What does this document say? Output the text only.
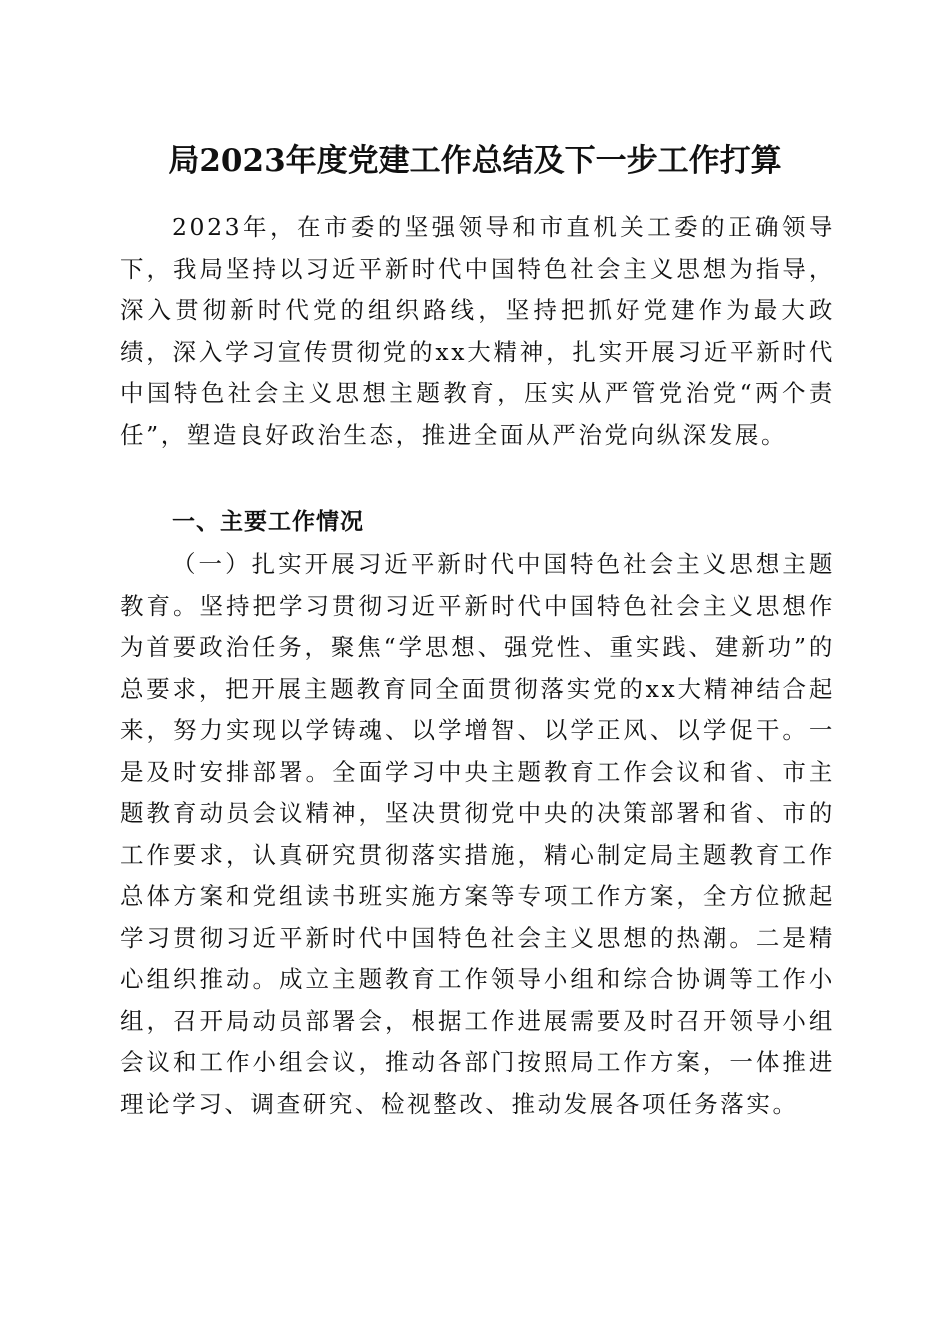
局2023年度党建工作总结及下一步工作打算

2023年，在市委的坚强领导和市直机关工委的正确领导下，我局坚持以习近平新时代中国特色社会主义思想为指导，深入贯彻新时代党的组织路线，坚持把抓好党建作为最大政绩，深入学习宣传贯彻党的xx大精神，扎实开展习近平新时代中国特色社会主义思想主题教育，压实从严管党治党“两个责任”，塑造良好政治生态，推进全面从严治党向纵深发展。

一、主要工作情况

（一）扎实开展习近平新时代中国特色社会主义思想主题教育。坚持把学习贯彻习近平新时代中国特色社会主义思想作为首要政治任务，聚焦“学思想、强党性、重实践、建新功”的总要求，把开展主题教育同全面贯彻落实党的xx大精神结合起来，努力实现以学铸魂、以学增智、以学正风、以学促干。一是及时安排部署。全面学习中央主题教育工作会议和省、市主题教育动员会议精神，坚决贯彻党中央的决策部署和省、市的工作要求，认真研究贯彻落实措施，精心制定局主题教育工作总体方案和党组读书班实施方案等专项工作方案，全方位掀起学习贯彻习近平新时代中国特色社会主义思想的热潮。二是精心组织推动。成立主题教育工作领导小组和综合协调等工作小组，召开局动员部署会，根据工作进展需要及时召开领导小组会议和工作小组会议，推动各部门按照局工作方案，一体推进理论学习、调查研究、检视整改、推动发展各项任务落实。
